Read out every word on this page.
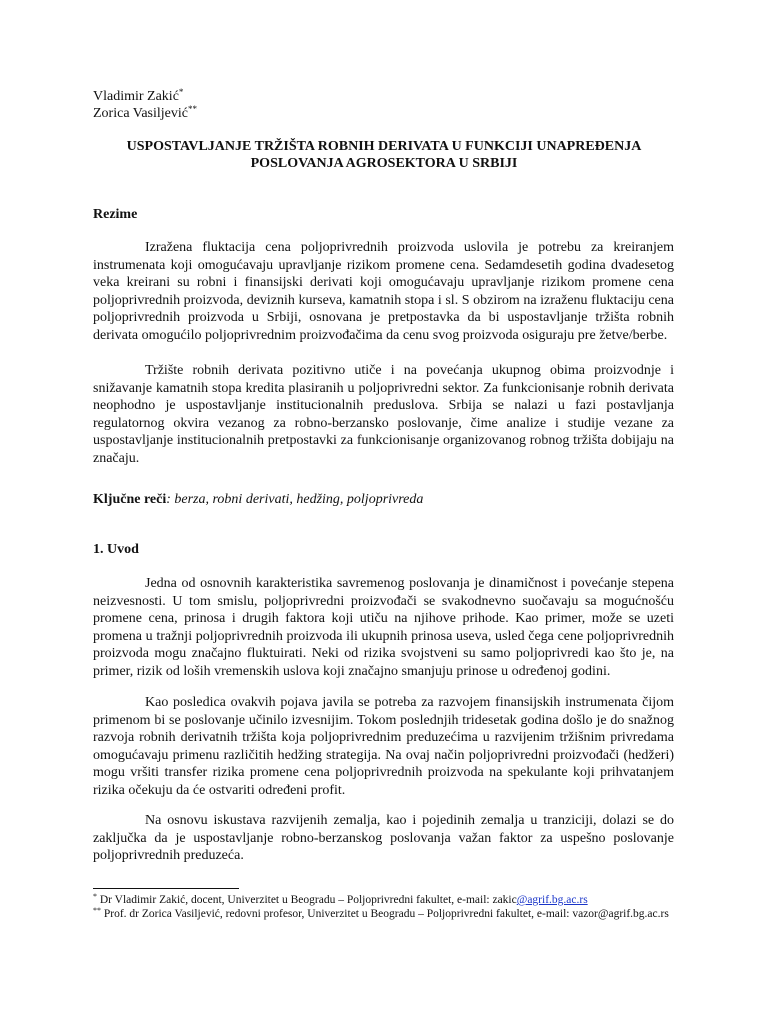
Vladimir Zakić*
Zorica Vasiljević**
USPOSTAVLJANJE TRŽIŠTA ROBNIH DERIVATA U FUNKCIJI UNAPREĐENJA
POSLOVANJA AGROSEKTORA U SRBIJI
Rezime

Izražena fluktacija cena poljoprivrednih proizvoda uslovila je potrebu za kreiranjem instrumenata koji omogućavaju upravljanje rizikom promene cena. Sedamdesetih godina dvadesetog veka kreirani su robni i finansijski derivati koji omogućavaju upravljanje rizikom promene cena poljoprivrednih proizvoda, deviznih kurseva, kamatnih stopa i sl. S obzirom na izraženu fluktaciju cena poljoprivrednih proizvoda u Srbiji, osnovana je pretpostavka da bi uspostavljanje tržišta robnih derivata omogućilo poljoprivrednim proizvođačima da cenu svog proizvoda osiguraju pre žetve/berbe.

Tržište robnih derivata pozitivno utiče i na povećanja ukupnog obima proizvodnje i snižavanje kamatnih stopa kredita plasiranih u poljoprivredni sektor. Za funkcionisanje robnih derivata neophodno je uspostavljanje institucionalnih preduslova. Srbija se nalazi u fazi postavljanja regulatornog okvira vezanog za robno-berzansko poslovanje, čime analize i studije vezane za uspostavljanje institucionalnih pretpostavki za funkcionisanje organizovanog robnog tržišta dobijaju na značaju.

Ključne reči: berza, robni derivati, hedžing, poljoprivreda
1. Uvod

Jedna od osnovnih karakteristika savremenog poslovanja je dinamičnost i povećanje stepena neizvesnosti. U tom smislu, poljoprivredni proizvođači se svakodnevno suočavaju sa mogućnošću promene cena, prinosa i drugih faktora koji utiču na njihove prihode. Kao primer, može se uzeti promena u tražnji poljoprivrednih proizvoda ili ukupnih prinosa useva, usled čega cene poljoprivrednih proizvoda mogu značajno fluktuirati. Neki od rizika svojstveni su samo poljoprivredi kao što je, na primer, rizik od loših vremenskih uslova koji značajno smanjuju prinose u određenoj godini.

Kao posledica ovakvih pojava javila se potreba za razvojem finansijskih instrumenata čijom primenom bi se poslovanje učinilo izvesnijim. Tokom poslednjih tridesetak godina došlo je do snažnog razvoja robnih derivatnih tržišta koja poljoprivrednim preduzećima u razvijenim tržišnim privredama omogućavaju primenu različitih hedžing strategija. Na ovaj način poljoprivredni proizvođači (hedžeri) mogu vršiti transfer rizika promene cena poljoprivrednih proizvoda na spekulante koji prihvatanjem rizika očekuju da će ostvariti određeni profit.

Na osnovu iskustava razvijenih zemalja, kao i pojedinih zemalja u tranziciji, dolazi se do zaključka da je uspostavljanje robno-berzanskog poslovanja važan faktor za uspešno poslovanje poljoprivrednih preduzeća.

* Dr Vladimir Zakić, docent, Univerzitet u Beogradu – Poljoprivredni fakultet, e-mail: zakic@agrif.bg.ac.rs
** Prof. dr Zorica Vasiljević, redovni profesor, Univerzitet u Beogradu – Poljoprivredni fakultet, e-mail: vazor@agrif.bg.ac.rs
